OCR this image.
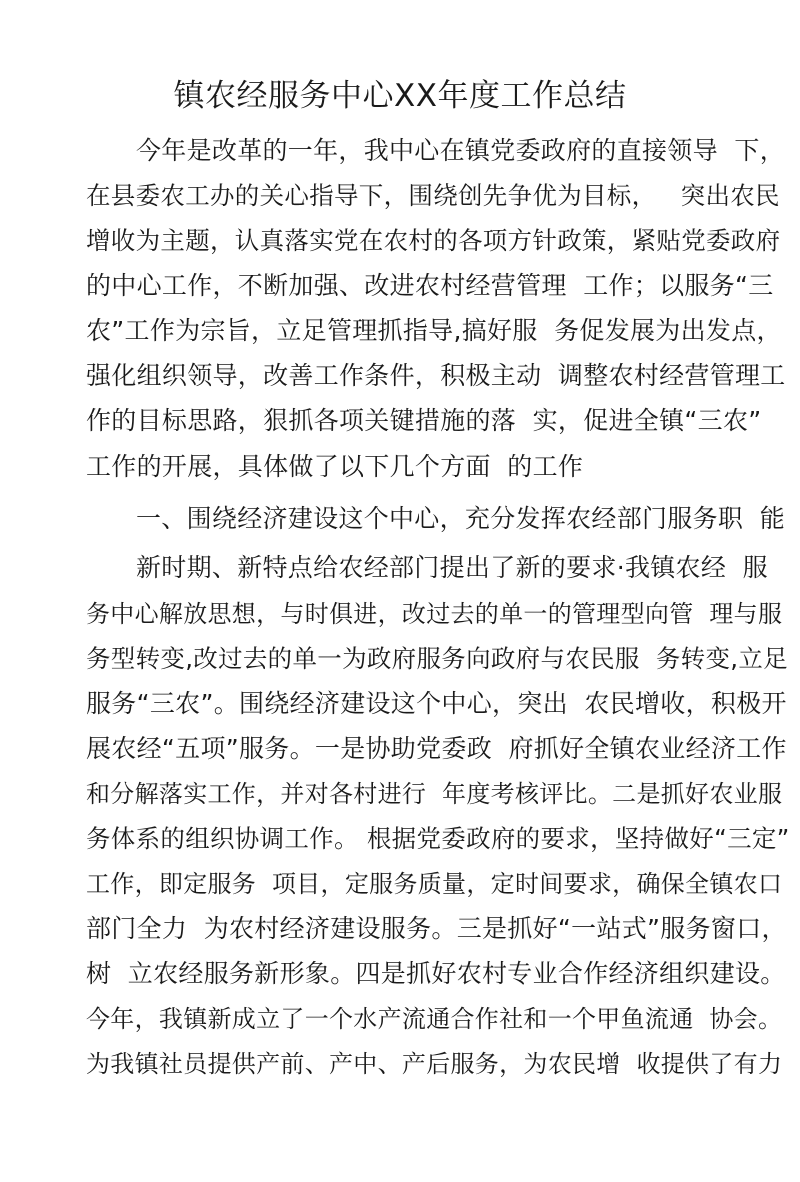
镇农经服务中心XX年度工作总结
今年是改革的一年，我中心在镇党委政府的直接领导  下，
在县委农工办的关心指导下，围绕创先争优为目标，   突出农民
增收为主题，认真落实党在农村的各项方针政策，紧贴党委政府
的中心工作，不断加强、改进农村经营管理  工作；以服务“三
农”工作为宗旨，立足管理抓指导,搞好服  务促发展为出发点，
强化组织领导，改善工作条件，积极主动  调整农村经营管理工
作的目标思路，狠抓各项关键措施的落  实，促进全镇“三农”
工作的开展，具体做了以下几个方面  的工作
一、围绕经济建设这个中心，充分发挥农经部门服务职  能
新时期、新特点给农经部门提出了新的要求·我镇农经  服
务中心解放思想，与时俱进，改过去的单一的管理型向管  理与服
务型转变,改过去的单一为政府服务向政府与农民服  务转变,立足
服务“三农”。围绕经济建设这个中心，突出  农民增收，积极开
展农经“五项”服务。一是协助党委政  府抓好全镇农业经济工作
和分解落实工作，并对各村进行  年度考核评比。二是抓好农业服
务体系的组织协调工作。 根据党委政府的要求，坚持做好“三定”
工作，即定服务  项目，定服务质量，定时间要求，确保全镇农口
部门全力  为农村经济建设服务。三是抓好“一站式”服务窗口，
树  立农经服务新形象。四是抓好农村专业合作经济组织建设。
今年，我镇新成立了一个水产流通合作社和一个甲鱼流通  协会。
为我镇社员提供产前、产中、产后服务，为农民增  收提供了有力
